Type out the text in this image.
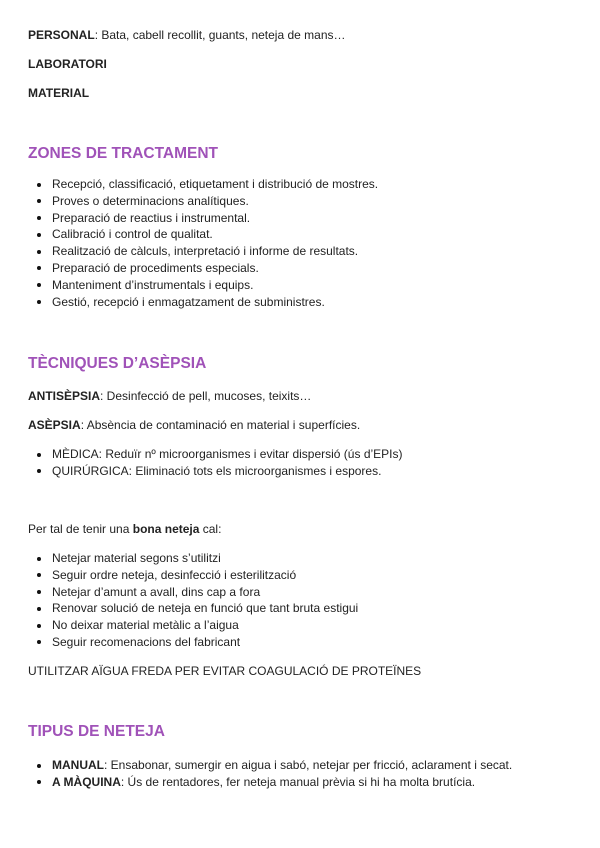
PERSONAL: Bata, cabell recollit, guants, neteja de mans…

LABORATORI

MATERIAL

ZONES DE TRACTAMENT
Recepció, classificació, etiquetament i distribució de mostres.
Proves o determinacions analítiques.
Preparació de reactius i instrumental.
Calibració i control de qualitat.
Realització de càlculs, interpretació i informe de resultats.
Preparació de procediments especials.
Manteniment d’instrumentals i equips.
Gestió, recepció i enmagatzament de subministres.
TÈCNIQUES D’ASÈPSIA

ANTISÈPSIA: Desinfecció de pell, mucoses, teixits…

ASÈPSIA: Absència de contaminació en material i superfícies.

MÈDICA: Reduïr nº microorganismes i evitar dispersió (ús d’EPIs)
QUIRÚRGICA: Eliminació tots els microorganismes i espores.

Per tal de tenir una bona neteja cal:

Netejar material segons s’utilitzi
Seguir ordre neteja, desinfecció i esterilització
Netejar d’amunt a avall, dins cap a fora
Renovar solució de neteja en funció que tant bruta estigui
No deixar material metàlic a l’aigua
Seguir recomenacions del fabricant

UTILITZAR AÏGUA FREDA PER EVITAR COAGULACIÓ DE PROTEÏNES

TIPUS DE NETEJA
MANUAL: Ensabonar, sumergir en aigua i sabó, netejar per fricció, aclarament i secat.
A MÀQUINA: Ús de rentadores, fer neteja manual prèvia si hi ha molta brutícia.
